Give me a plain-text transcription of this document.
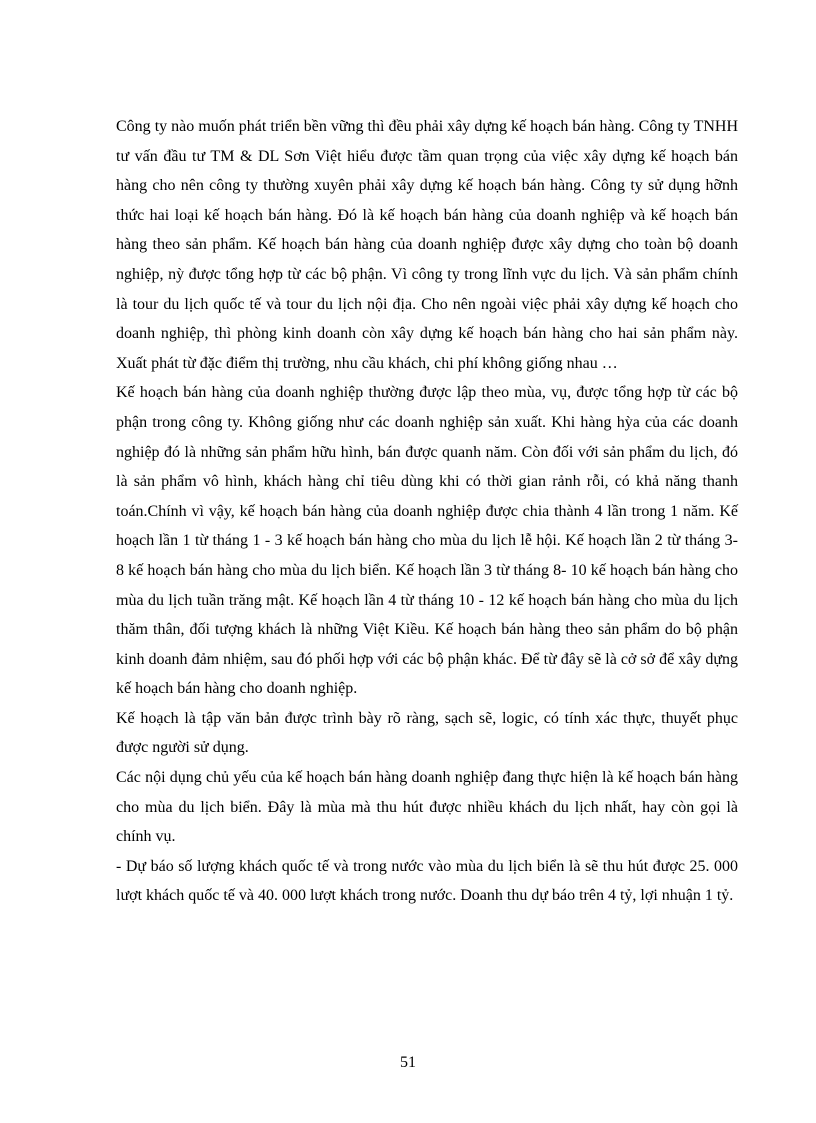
Công ty nào muốn phát triển bền vững thì đều phải xây dựng kế hoạch bán hàng. Công ty TNHH tư vấn đầu tư TM & DL Sơn Việt hiểu được tầm quan trọng của việc xây dựng kế hoạch bán hàng cho nên công ty thường xuyên phải xây dựng kế hoạch bán hàng. Công ty sử dụng hỡnh thức hai loại kế hoạch bán hàng. Đó là kế hoạch bán hàng của doanh nghiệp và kế hoạch bán hàng theo sản phẩm. Kế hoạch bán hàng của doanh nghiệp được xây dựng cho toàn bộ doanh nghiệp, nỳ được tổng hợp từ các bộ phận. Vì công ty trong lĩnh vực du lịch. Và sản phẩm chính là tour du lịch quốc tế và tour du lịch nội địa. Cho nên ngoài việc phải xây dựng kế hoạch cho doanh nghiệp, thì phòng kinh doanh còn xây dựng kế hoạch bán hàng cho hai sản phẩm này. Xuất phát từ đặc điểm thị trường, nhu cầu khách, chi phí không giống nhau …

Kế hoạch bán hàng của doanh nghiệp thường được lập theo mùa, vụ, được tổng hợp từ các bộ phận trong công ty. Không giống như các doanh nghiệp sản xuất. Khi hàng hỳa của các doanh nghiệp đó là những sản phẩm hữu hình, bán được quanh năm. Còn đối với sản phẩm du lịch, đó là sản phẩm vô hình, khách hàng chỉ tiêu dùng khi có thời gian rảnh rỗi, có khả năng thanh toán.Chính vì vậy, kế hoạch bán hàng của doanh nghiệp được chia thành 4 lần trong 1 năm. Kế hoạch lần 1 từ tháng 1 - 3 kế hoạch bán hàng cho mùa du lịch lễ hội. Kế hoạch lần 2 từ tháng 3- 8 kế hoạch bán hàng cho mùa du lịch biển. Kế hoạch lần 3 từ tháng 8- 10 kế hoạch bán hàng cho mùa du lịch tuần trăng mật. Kế hoạch lần 4 từ tháng 10 - 12 kế hoạch bán hàng cho mùa du lịch thăm thân, đối tượng khách là những Việt Kiều. Kế hoạch bán hàng theo sản phẩm do bộ phận kinh doanh đảm nhiệm, sau đó phối hợp với các bộ phận khác. Để từ đây sẽ là cở sở để xây dựng kế hoạch bán hàng cho doanh nghiệp.

Kế hoạch là tập văn bản được trình bày rõ ràng, sạch sẽ, logic, có tính xác thực, thuyết phục được người sử dụng.

Các nội dụng chủ yếu của kế hoạch bán hàng doanh nghiệp đang thực hiện là kế hoạch bán hàng cho mùa du lịch biển. Đây là mùa mà thu hút được nhiều khách du lịch nhất, hay còn gọi là chính vụ.

- Dự báo số lượng khách quốc tế và trong nước vào mùa du lịch biển là sẽ thu hút được 25. 000 lượt khách quốc tế và 40. 000 lượt khách trong nước. Doanh thu dự báo trên 4 tỷ, lợi nhuận 1 tỷ.

51
